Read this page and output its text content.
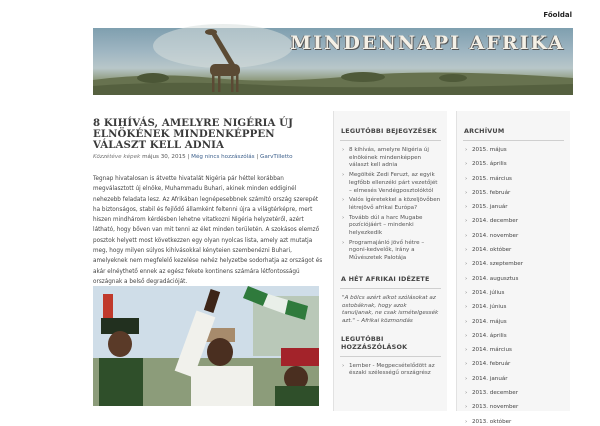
Főoldal
MINDENNAPI AFRIKA
8 KIHÍVÁS, AMELYRE NIGÉRIA ÚJ ELNÖKÉNEK MINDENKÉPPEN VÁLASZT KELL ADNIA
Közzétéve képek május 30, 2015 | Még nincs hozzászólás | GarvTilletto

Tegnap hivatalosan is átvette hivatalát Nigéria pár héttel korábban megválasztott új elnöke, Muhammadu Buhari, akinek minden eddiginél nehezebb feladata lesz. Az Afrikában legnépesebbnek számító ország szerepét ha biztonságos, stabil és fejlődő államként feltenni újra a világtérképre, mert hiszen mindhárom kérdésben lehetne vitatkozni Nigéria helyzetéről, azért látható, hogy bőven van mit tenni az élet minden területén. A szokásos elemző posztok helyett most következzen egy olyan nyolcas lista, amely azt mutatja meg, hogy milyen súlyos kihívásokkal kényteien szembenézni Buhari, amelyeknek nem megfelelő kezelése nehéz helyzetbe sodorhatja az országot és akár elnéythető ennek az egész fekete kontinens számára létfontosságú országnak a belső degradációját.

LEGUTÓBBI BEJEGYZÉSEK
› 8 kihívás, amelyre Nigéria új elnökének mindenképpen választ kell adnia
› Megölték Zedi Feruzt, az egyik legfőbb ellenzéki párt vezetőjét – elmesés Vendégposztolóktól
› Valós ígéretekkel a közeljövőben létrejövő afrikai Európa?
› Tovább dúl a harc Mugabe pozíciójáért – mindenki helyezkedik
› Programajánló jövő hétre – ngoni-kedvelők, irány a Művészetek Palotája
A HÉT AFRIKAI IDÉZETE

"A bölcs azért alkot szólásokat az ostobáknak, hogy azok tanuljanak, ne csak ismételgessék azt." – Afrikai közmondás

LEGUTÓBBI HOZZÁSZÓLÁSOK
› 1ember - Megpecsételődött az északi szélességű országrész
ARCHÍVUM
› 2015. május
› 2015. április
› 2015. március
› 2015. február
› 2015. január
› 2014. december
› 2014. november
› 2014. október
› 2014. szeptember
› 2014. augusztus
› 2014. július
› 2014. június
› 2014. május
› 2014. április
› 2014. március
› 2014. február
› 2014. január
› 2013. december
› 2013. november
› 2013. október
